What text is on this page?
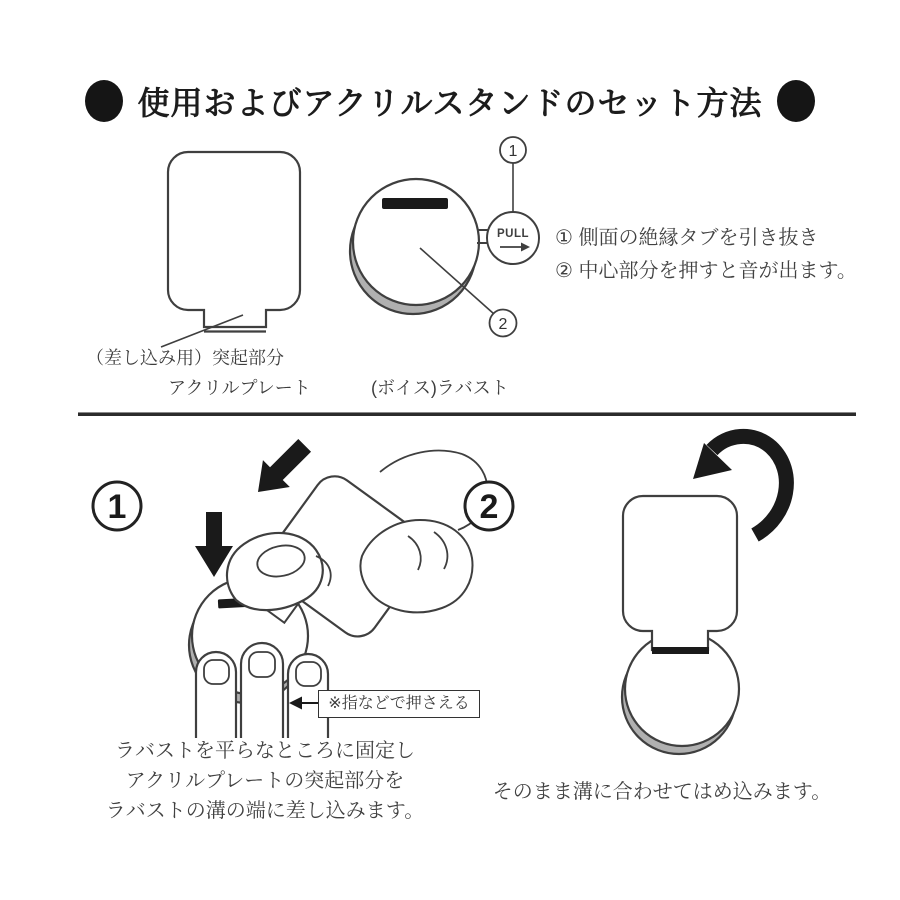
1
PULL
2
1	2
使用およびアクリルスタンドのセット方法
（差し込み用）突起部分
アクリルプレート	(ボイス)ラバスト
① 側面の絶縁タブを引き抜き
② 中心部分を押すと音が出ます。
※指などで押さえる
ラバストを平らなところに固定し
アクリルプレートの突起部分を
ラバストの溝の端に差し込みます。
そのまま溝に合わせてはめ込みます。
